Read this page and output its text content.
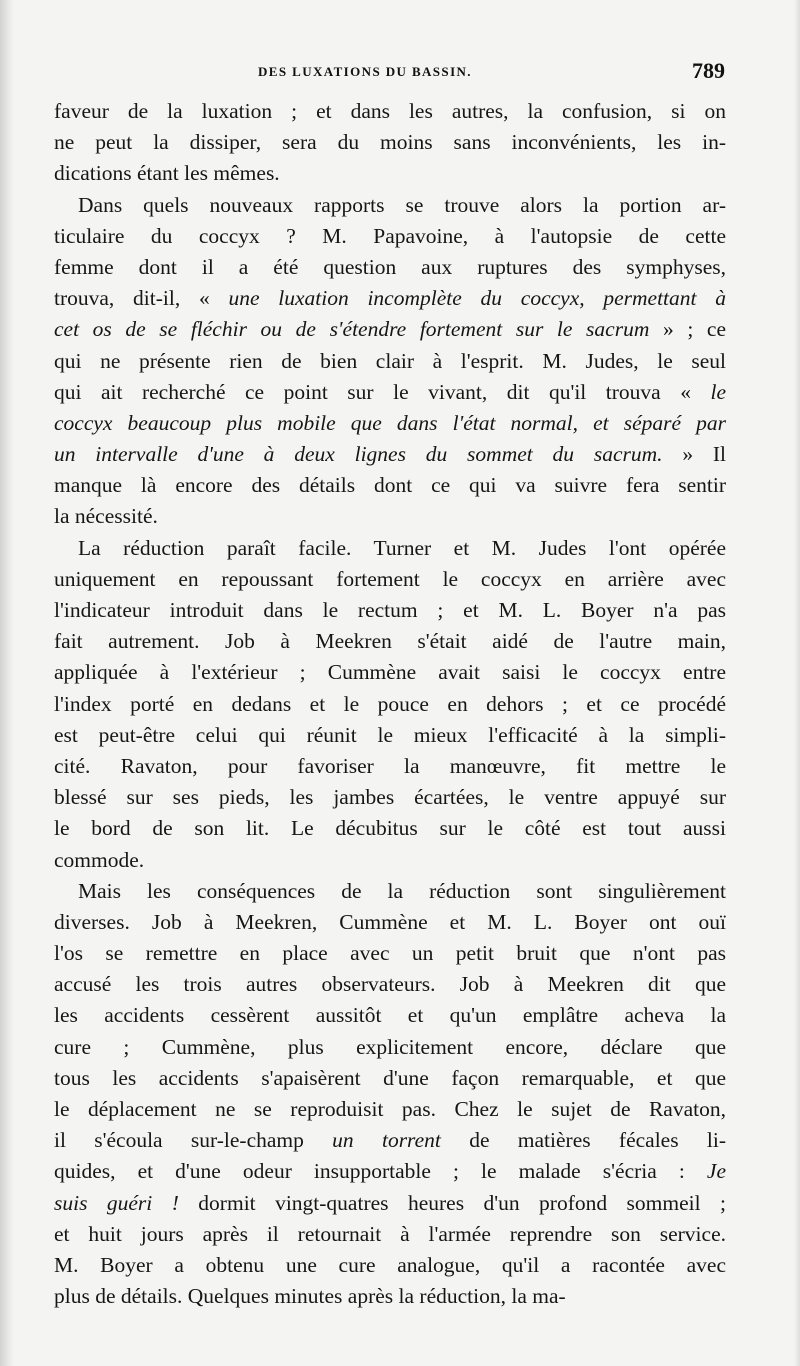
DES LUXATIONS DU BASSIN.	789
faveur de la luxation ; et dans les autres, la confusion, si on
ne peut la dissiper, sera du moins sans inconvénients, les in-
dications étant les mêmes.
Dans quels nouveaux rapports se trouve alors la portion ar-
ticulaire du coccyx ? M. Papavoine, à l'autopsie de cette
femme dont il a été question aux ruptures des symphyses,
trouva, dit-il, « une luxation incomplète du coccyx, permettant à
cet os de se fléchir ou de s'étendre fortement sur le sacrum » ; ce
qui ne présente rien de bien clair à l'esprit. M. Judes, le seul
qui ait recherché ce point sur le vivant, dit qu'il trouva « le
coccyx beaucoup plus mobile que dans l'état normal, et séparé par
un intervalle d'une à deux lignes du sommet du sacrum. » Il
manque là encore des détails dont ce qui va suivre fera sentir
la nécessité.
La réduction paraît facile. Turner et M. Judes l'ont opérée
uniquement en repoussant fortement le coccyx en arrière avec
l'indicateur introduit dans le rectum ; et M. L. Boyer n'a pas
fait autrement. Job à Meekren s'était aidé de l'autre main,
appliquée à l'extérieur ; Cummène avait saisi le coccyx entre
l'index porté en dedans et le pouce en dehors ; et ce procédé
est peut-être celui qui réunit le mieux l'efficacité à la simpli-
cité. Ravaton, pour favoriser la manœuvre, fit mettre le
blessé sur ses pieds, les jambes écartées, le ventre appuyé sur
le bord de son lit. Le décubitus sur le côté est tout aussi
commode.
Mais les conséquences de la réduction sont singulièrement
diverses. Job à Meekren, Cummène et M. L. Boyer ont ouï
l'os se remettre en place avec un petit bruit que n'ont pas
accusé les trois autres observateurs. Job à Meekren dit que
les accidents cessèrent aussitôt et qu'un emplâtre acheva la
cure ; Cummène, plus explicitement encore, déclare que
tous les accidents s'apaisèrent d'une façon remarquable, et que
le déplacement ne se reproduisit pas. Chez le sujet de Ravaton,
il s'écoula sur-le-champ un torrent de matières fécales li-
quides, et d'une odeur insupportable ; le malade s'écria : Je
suis guéri ! dormit vingt-quatres heures d'un profond sommeil ;
et huit jours après il retournait à l'armée reprendre son service.
M. Boyer a obtenu une cure analogue, qu'il a racontée avec
plus de détails. Quelques minutes après la réduction, la ma-
